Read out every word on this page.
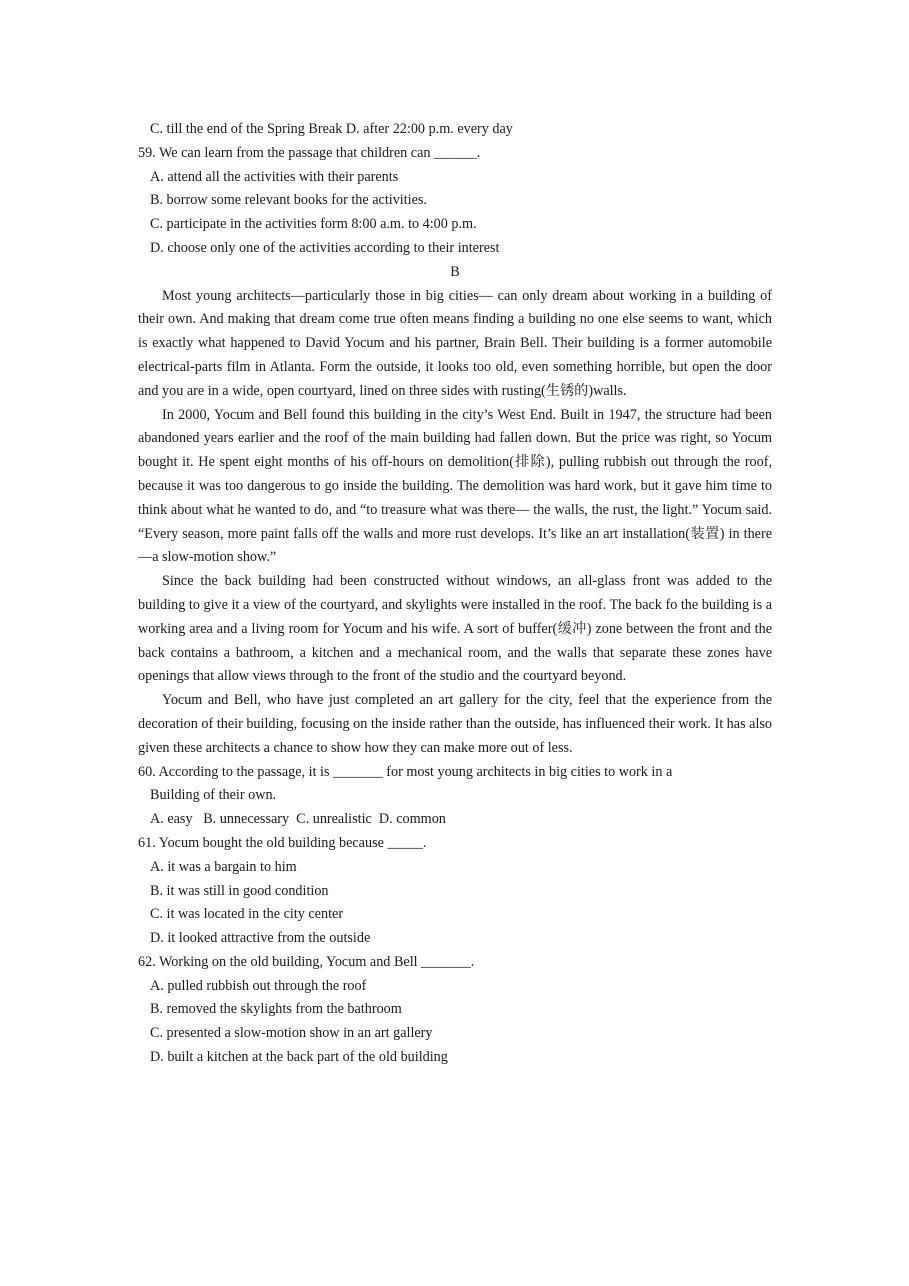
C. till the end of the Spring Break D. after 22:00 p.m. every day
59. We can learn from the passage that children can ______.
A. attend all the activities with their parents
B. borrow some relevant books for the activities.
C. participate in the activities form 8:00 a.m. to 4:00 p.m.
D. choose only one of the activities according to their interest
B

Most young architects—particularly those in big cities— can only dream about working in a building of their own. And making that dream come true often means finding a building no one else seems to want, which is exactly what happened to David Yocum and his partner, Brain Bell. Their building is a former automobile electrical-parts film in Atlanta. Form the outside, it looks too old, even something horrible, but open the door and you are in a wide, open courtyard, lined on three sides with rusting(生锈的)walls.

In 2000, Yocum and Bell found this building in the city’s West End. Built in 1947, the structure had been abandoned years earlier and the roof of the main building had fallen down. But the price was right, so Yocum bought it. He spent eight months of his off-hours on demolition(排除), pulling rubbish out through the roof, because it was too dangerous to go inside the building. The demolition was hard work, but it gave him time to think about what he wanted to do, and “to treasure what was there— the walls, the rust, the light.” Yocum said. “Every season, more paint falls off the walls and more rust develops. It’s like an art installation(装置) in there—a slow-motion show.”

Since the back building had been constructed without windows, an all-glass front was added to the building to give it a view of the courtyard, and skylights were installed in the roof. The back fo the building is a working area and a living room for Yocum and his wife. A sort of buffer(缓冲) zone between the front and the back contains a bathroom, a kitchen and a mechanical room, and the walls that separate these zones have openings that allow views through to the front of the studio and the courtyard beyond.

Yocum and Bell, who have just completed an art gallery for the city, feel that the experience from the decoration of their building, focusing on the inside rather than the outside, has influenced their work. It has also given these architects a chance to show how they can make more out of less.

60. According to the passage, it is _______ for most young architects in big cities to work in a
Building of their own.
A. easy   B. unnecessary  C. unrealistic  D. common
61. Yocum bought the old building because _____.
A. it was a bargain to him
B. it was still in good condition
C. it was located in the city center
D. it looked attractive from the outside
62. Working on the old building, Yocum and Bell _______.
A. pulled rubbish out through the roof
B. removed the skylights from the bathroom
C. presented a slow-motion show in an art gallery
D. built a kitchen at the back part of the old building
